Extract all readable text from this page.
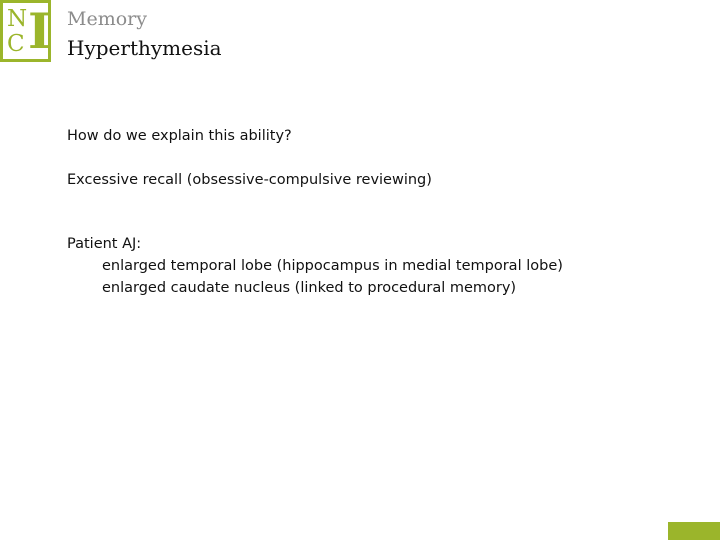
N
C I Memory
Hyperthymesia
How do we explain this ability?
Excessive recall (obsessive-compulsive reviewing)
Patient AJ:
enlarged temporal lobe (hippocampus in medial temporal lobe)
enlarged caudate nucleus (linked to procedural memory)
